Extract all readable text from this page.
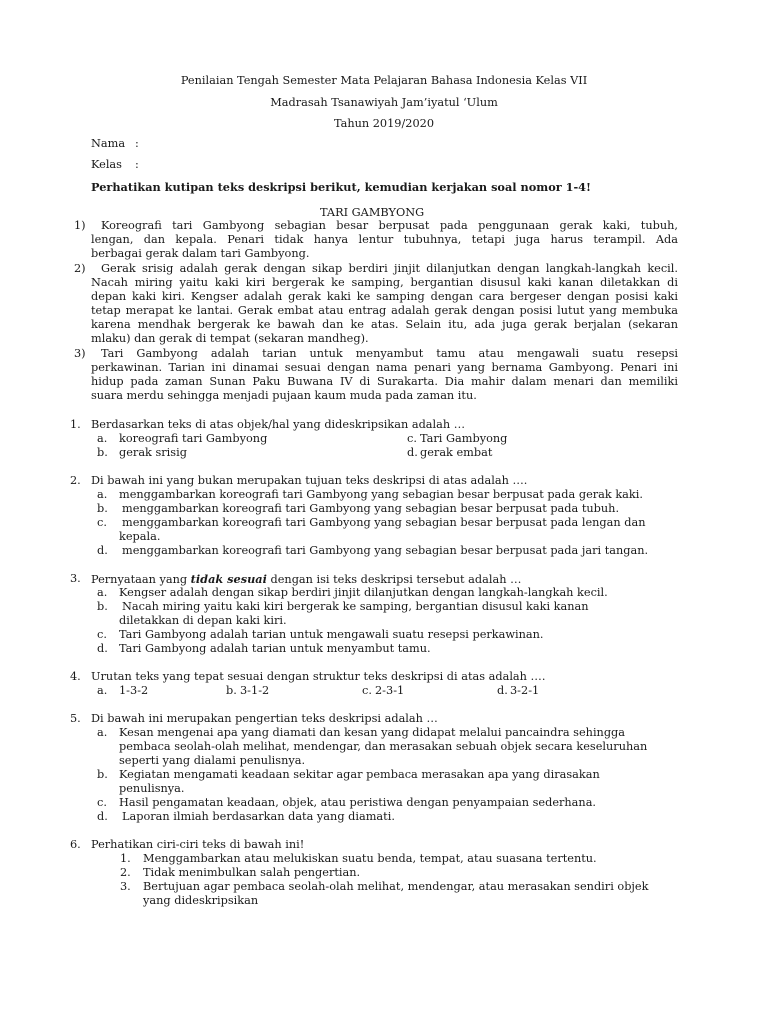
Penilaian Tengah Semester Mata Pelajaran Bahasa Indonesia Kelas VII
Madrasah Tsanawiyah Jam’iyatul ‘Ulum
Tahun 2019/2020
Nama :
Kelas :
Perhatikan kutipan teks deskripsi berikut, kemudian kerjakan soal nomor 1-4!
TARI GAMBYONG
1) Koreografi tari Gambyong sebagian besar berpusat pada penggunaan gerak kaki, tubuh,
lengan, dan kepala. Penari tidak hanya lentur tubuhnya, tetapi juga harus terampil. Ada
berbagai gerak dalam tari Gambyong.
2) Gerak srisig adalah gerak dengan sikap berdiri jinjit dilanjutkan dengan langkah-langkah kecil.
Nacah miring yaitu kaki kiri bergerak ke samping, bergantian disusul kaki kanan diletakkan di
depan kaki kiri. Kengser adalah gerak kaki ke samping dengan cara bergeser dengan posisi kaki
tetap merapat ke lantai. Gerak embat atau entrag adalah gerak dengan posisi lutut yang membuka
karena mendhak bergerak ke bawah dan ke atas. Selain itu, ada juga gerak berjalan (sekaran
mlaku) dan gerak di tempat (sekaran mandheg).
3) Tari Gambyong adalah tarian untuk menyambut tamu atau mengawali suatu resepsi
perkawinan. Tarian ini dinamai sesuai dengan nama penari yang bernama Gambyong. Penari ini
hidup pada zaman Sunan Paku Buwana IV di Surakarta. Dia mahir dalam menari dan memiliki
suara merdu sehingga menjadi pujaan kaum muda pada zaman itu.
1. Berdasarkan teks di atas objek/hal yang dideskripsikan adalah …
a. koreografi tari Gambyong	c. Tari Gambyong
b. gerak srisig	d. gerak embat
2. Di bawah ini yang bukan merupakan tujuan teks deskripsi di atas adalah ….
a. menggambarkan koreografi tari Gambyong yang sebagian besar berpusat pada gerak kaki.
b. menggambarkan koreografi tari Gambyong yang sebagian besar berpusat pada tubuh.
c. menggambarkan koreografi tari Gambyong yang sebagian besar berpusat pada lengan dan
kepala.
d. menggambarkan koreografi tari Gambyong yang sebagian besar berpusat pada jari tangan.
3. Pernyataan yang tidak sesuai dengan isi teks deskripsi tersebut adalah …
a. Kengser adalah dengan sikap berdiri jinjit dilanjutkan dengan langkah-langkah kecil.
b. Nacah miring yaitu kaki kiri bergerak ke samping, bergantian disusul kaki kanan
diletakkan di depan kaki kiri.
c. Tari Gambyong adalah tarian untuk mengawali suatu resepsi perkawinan.
d. Tari Gambyong adalah tarian untuk menyambut tamu.
4. Urutan teks yang tepat sesuai dengan struktur teks deskripsi di atas adalah ….
a. 1-3-2	b. 3-1-2	c. 2-3-1	d. 3-2-1
5. Di bawah ini merupakan pengertian teks deskripsi adalah …
a. Kesan mengenai apa yang diamati dan kesan yang didapat melalui pancaindra sehingga
pembaca seolah-olah melihat, mendengar, dan merasakan sebuah objek secara keseluruhan
seperti yang dialami penulisnya.
b. Kegiatan mengamati keadaan sekitar agar pembaca merasakan apa yang dirasakan
penulisnya.
c. Hasil pengamatan keadaan, objek, atau peristiwa dengan penyampaian sederhana.
d. Laporan ilmiah berdasarkan data yang diamati.
6. Perhatikan ciri-ciri teks di bawah ini!
1. Menggambarkan atau melukiskan suatu benda, tempat, atau suasana tertentu.
2. Tidak menimbulkan salah pengertian.
3. Bertujuan agar pembaca seolah-olah melihat, mendengar, atau merasakan sendiri objek
yang dideskripsikan
